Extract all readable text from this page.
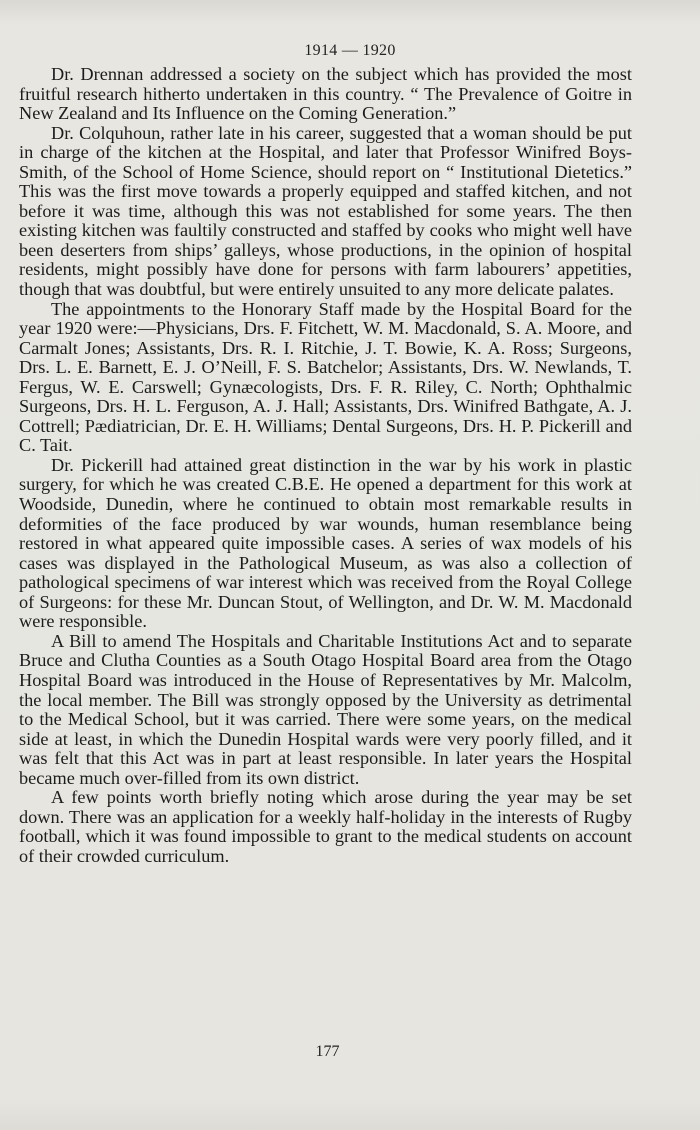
1914 — 1920

Dr. Drennan addressed a society on the subject which has provided the most fruitful research hitherto undertaken in this country. “ The Prevalence of Goitre in New Zealand and Its Influence on the Coming Generation.”

Dr. Colquhoun, rather late in his career, suggested that a woman should be put in charge of the kitchen at the Hospital, and later that Professor Winifred Boys-Smith, of the School of Home Science, should report on “ Institutional Dietetics.” This was the first move towards a properly equipped and staffed kitchen, and not before it was time, although this was not established for some years. The then existing kitchen was faultily constructed and staffed by cooks who might well have been deserters from ships’ galleys, whose productions, in the opinion of hospital residents, might possibly have done for persons with farm labourers’ appetities, though that was doubtful, but were entirely unsuited to any more delicate palates.

The appointments to the Honorary Staff made by the Hospital Board for the year 1920 were:—Physicians, Drs. F. Fitchett, W. M. Macdonald, S. A. Moore, and Carmalt Jones; Assistants, Drs. R. I. Ritchie, J. T. Bowie, K. A. Ross; Surgeons, Drs. L. E. Barnett, E. J. O’Neill, F. S. Batchelor; Assistants, Drs. W. Newlands, T. Fergus, W. E. Carswell; Gynæcologists, Drs. F. R. Riley, C. North; Ophthalmic Surgeons, Drs. H. L. Ferguson, A. J. Hall; Assistants, Drs. Winifred Bathgate, A. J. Cottrell; Pædiatrician, Dr. E. H. Williams; Dental Surgeons, Drs. H. P. Pickerill and C. Tait.

Dr. Pickerill had attained great distinction in the war by his work in plastic surgery, for which he was created C.B.E. He opened a department for this work at Woodside, Dunedin, where he continued to obtain most remarkable results in deformities of the face produced by war wounds, human resemblance being restored in what appeared quite impossible cases. A series of wax models of his cases was displayed in the Pathological Museum, as was also a collection of pathological specimens of war interest which was received from the Royal College of Surgeons: for these Mr. Duncan Stout, of Wellington, and Dr. W. M. Macdonald were responsible.

A Bill to amend The Hospitals and Charitable Institutions Act and to separate Bruce and Clutha Counties as a South Otago Hospital Board area from the Otago Hospital Board was introduced in the House of Representatives by Mr. Malcolm, the local member. The Bill was strongly opposed by the University as detrimental to the Medical School, but it was carried. There were some years, on the medical side at least, in which the Dunedin Hospital wards were very poorly filled, and it was felt that this Act was in part at least responsible. In later years the Hospital became much over-filled from its own district.

A few points worth briefly noting which arose during the year may be set down. There was an application for a weekly half-holiday in the interests of Rugby football, which it was found impossible to grant to the medical students on account of their crowded curriculum.

177
